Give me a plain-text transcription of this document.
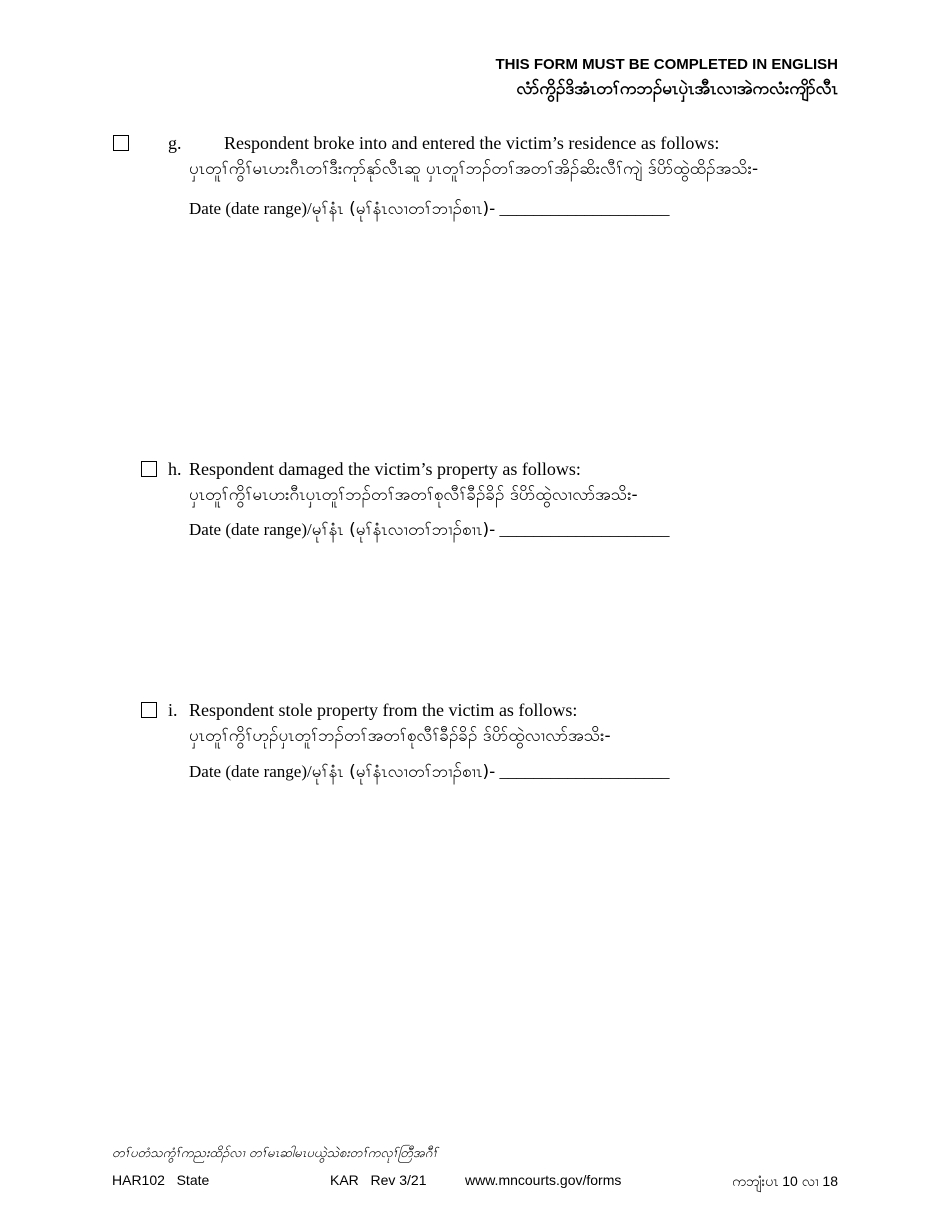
THIS FORM MUST BE COMPLETED IN ENGLISH
လံာ်ကွိၣ်ဒိအံၤတၢ်ကဘၣ်မၤပှဲၤအီၤလၢအဲကလံးကျိာ်လီၤ
g. Respondent broke into and entered the victim’s residence as follows:
ပှၤတူၢ်ကွိၢ်မၤဟးဂီၤတၢ်ဒီးကုာ်နုာ်လီၤဆူ ပှၤတူၢ်ဘၣ်တၢ်အတၢ်အိၣ်ဆိးလီၢ်ကျဲ ဒ်ပိာ်ထွဲထိၣ်အသိး-
Date (date range)/မုၢ်နံၤ (မုၢ်နံၤလၢတၢ်ဘၢၣ်စၢၤ)- ____________________
h. Respondent damaged the victim’s property as follows:
ပှၤတူၢ်ကွိၢ်မၤဟးဂီၤပှၤတူၢ်ဘၣ်တၢ်အတၢ်စုလီၢ်ခီၣ်ခိၣ် ဒ်ပိာ်ထွဲလၢလာ်အသိး-
Date (date range)/မုၢ်နံၤ (မုၢ်နံၤလၢတၢ်ဘၢၣ်စၢၤ)- ____________________
i. Respondent stole property from the victim as follows:
ပှၤတူၢ်ကွိၢ်ဟုၣ်ပှၤတူၢ်ဘၣ်တၢ်အတၢ်စုလီၢ်ခီၣ်ခိၣ် ဒ်ပိာ်ထွဲလၢလာ်အသိး-
Date (date range)/မုၢ်နံၤ (မုၢ်နံၤလၢတၢ်ဘၢၣ်စၢၤ)- ____________________
တၢ်ပတံသကွံၢ်ကညးထိၣ်လၢ တၢ်မၤဆါမၤပယွဲသဲစးတၢ်ကလုၢ်တြီအဂီၢ်
HAR102 State	KAR Rev 3/21	www.mncourts.gov/forms	ကဘျံးပၤ 10 လၢ 18
